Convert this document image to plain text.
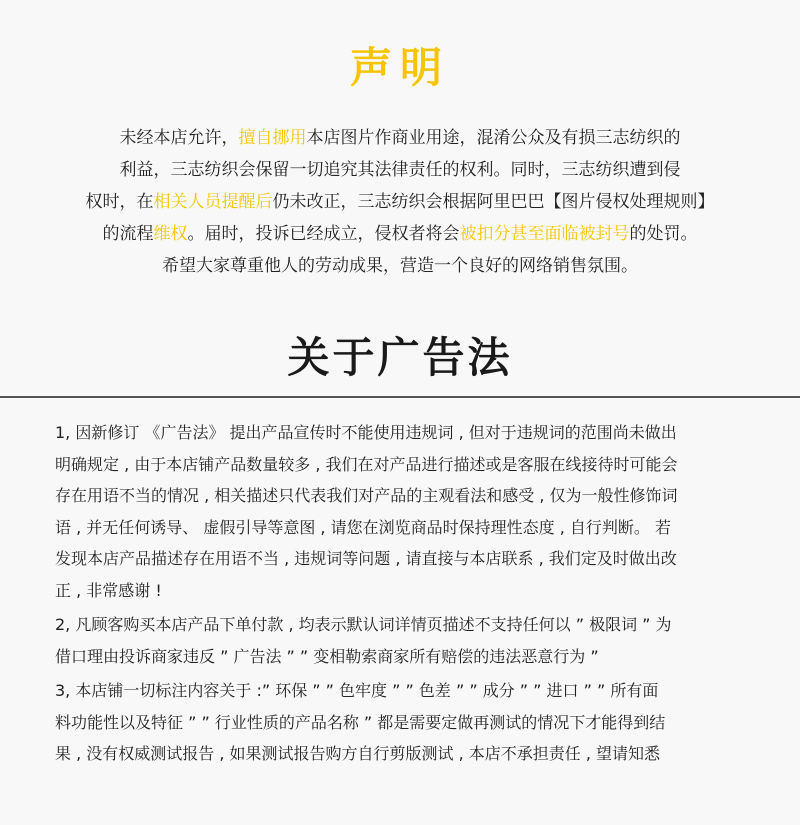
声明
未经本店允许，擅自挪用本店图片作商业用途，混淆公众及有损三志纺织的
利益，三志纺织会保留一切追究其法律责任的权利。同时，三志纺织遭到侵
权时，在相关人员提醒后仍未改正，三志纺织会根据阿里巴巴【图片侵权处理规则】
的流程维权。届时，投诉已经成立，侵权者将会被扣分甚至面临被封号的处罚。
希望大家尊重他人的劳动成果，营造一个良好的网络销售氛围。
关于广告法
1, 因新修订 《广告法》 提出产品宣传时不能使用违规词 , 但对于违规词的范围尚未做出
明确规定 , 由于本店铺产品数量较多 , 我们在对产品进行描述或是客服在线接待时可能会
存在用语不当的情况 , 相关描述只代表我们对产品的主观看法和感受 , 仅为一般性修饰词
语 , 并无任何诱导、 虚假引导等意图 , 请您在浏览商品时保持理性态度 , 自行判断。 若
发现本店产品描述存在用语不当 , 违规词等问题 , 请直接与本店联系 , 我们定及时做出改
正 , 非常感谢 !
2, 凡顾客购买本店产品下单付款 , 均表示默认词详情页描述不支持任何以 ” 极限词 ” 为
借口理由投诉商家违反 ” 广告法 ” ” 变相勒索商家所有赔偿的违法恶意行为 ”
3, 本店铺一切标注内容关于 :” 环保 ” ” 色牢度 ” ” 色差 ” ” 成分 ” ” 进口 ” ” 所有面
料功能性以及特征 ” ” 行业性质的产品名称 ” 都是需要定做再测试的情况下才能得到结
果 , 没有权威测试报告 , 如果测试报告购方自行剪版测试 , 本店不承担责任 , 望请知悉
